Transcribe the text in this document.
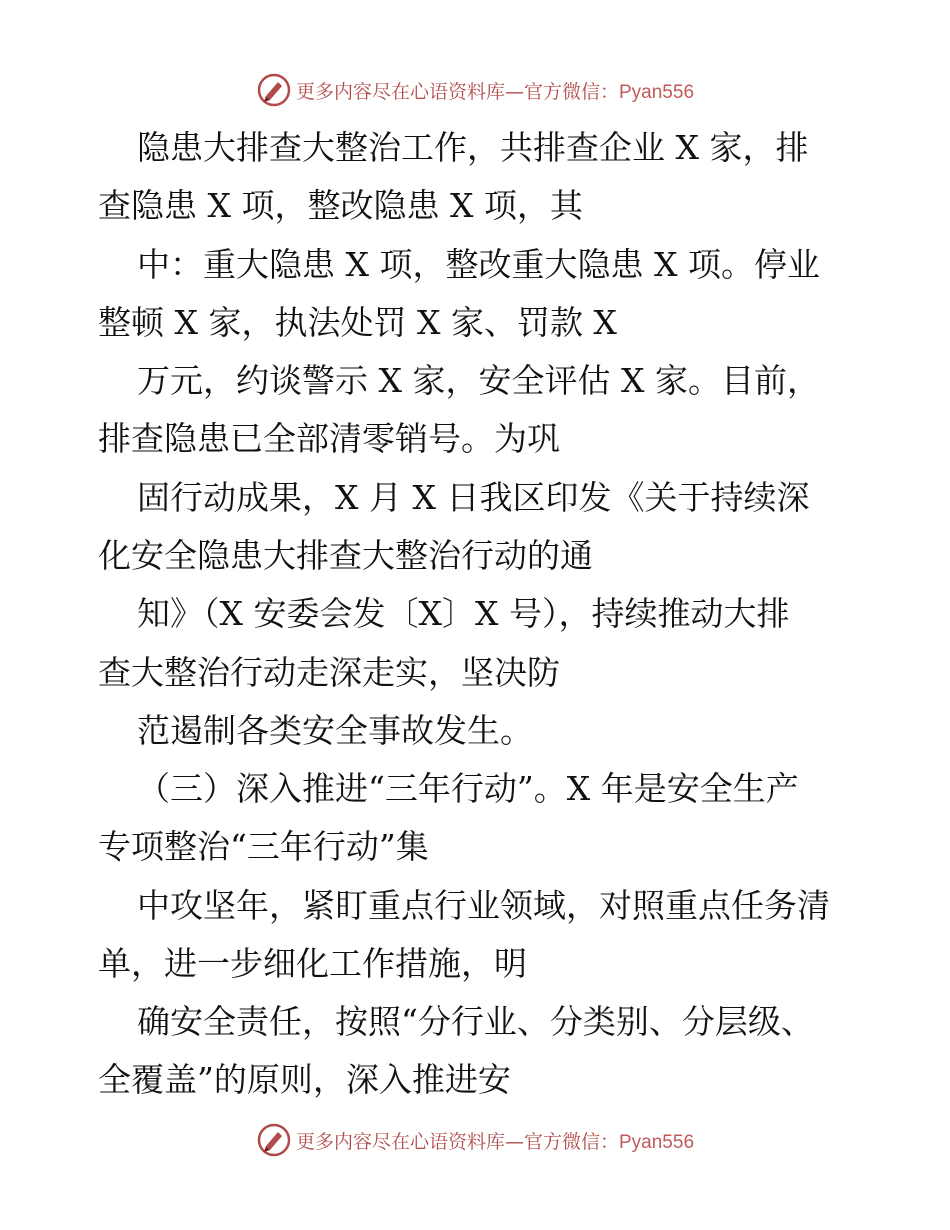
更多内容尽在心语资料库—官方微信：Pyan556
隐患大排查大整治工作，共排查企业 X 家，排
查隐患 X 项，整改隐患 X 项，其
中：重大隐患 X 项，整改重大隐患 X 项。停业
整顿 X 家，执法处罚 X 家、罚款 X
万元，约谈警示 X 家，安全评估 X 家。目前，
排查隐患已全部清零销号。为巩
固行动成果，X 月 X 日我区印发《关于持续深
化安全隐患大排查大整治行动的通
知》（X 安委会发〔X〕X 号），持续推动大排
查大整治行动走深走实，坚决防
范遏制各类安全事故发生。
（三）深入推进“三年行动”。X 年是安全生产
专项整治“三年行动”集
中攻坚年，紧盯重点行业领域，对照重点任务清
单，进一步细化工作措施，明
确安全责任，按照“分行业、分类别、分层级、
全覆盖”的原则，深入推进安
更多内容尽在心语资料库—官方微信：Pyan556
